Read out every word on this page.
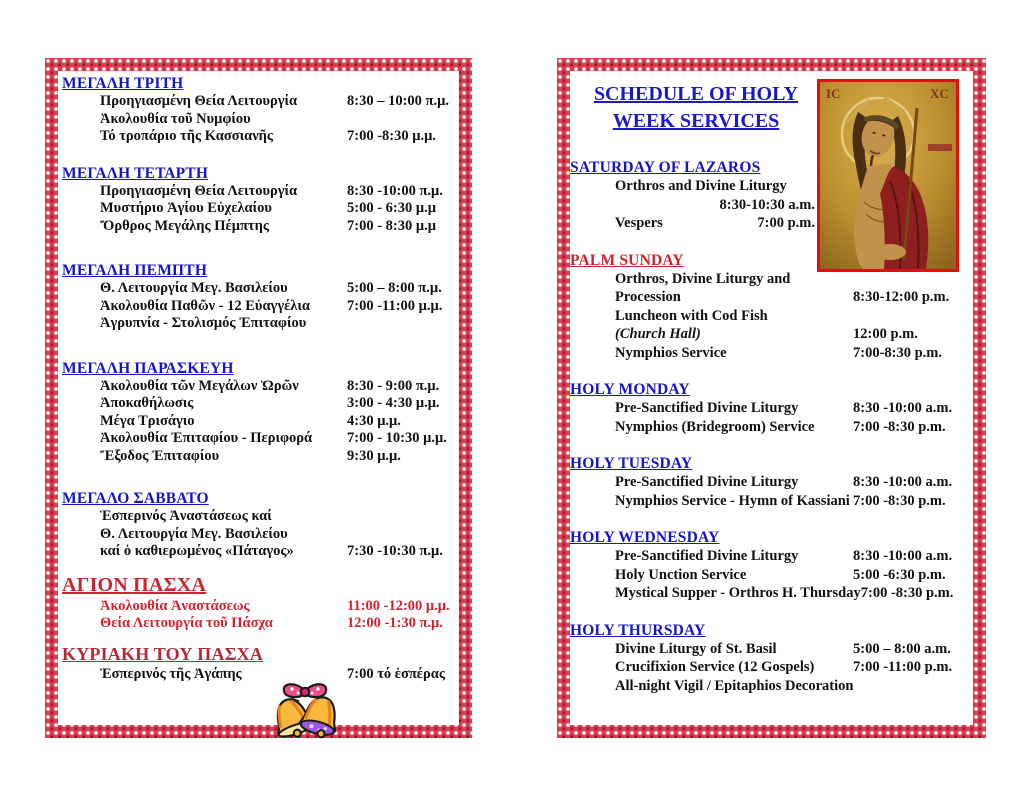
ΜΕΓΑΛΗ ΤΡΙΤΗ
Προηγιασμένη Θεία Λειτουργία	8:30 – 10:00 π.μ.
Ἀκολουθία τοῦ Νυμφίου
Τό τροπάριο τῆς Κασσιανῆς	7:00 -8:30 μ.μ.
ΜΕΓΑΛΗ ΤΕΤΑΡΤΗ
Προηγιασμένη Θεία Λειτουργία	8:30 -10:00 π.μ.
Μυστήριο Ἁγίου Εὐχελαίου	5:00 - 6:30 μ.μ
Ὄρθρος Μεγάλης Πέμπτης	7:00 - 8:30 μ.μ
ΜΕΓΑΛΗ ΠΕΜΠΤΗ
Θ. Λειτουργία Μεγ. Βασιλείου	5:00 – 8:00 π.μ.
Ἀκολουθία Παθῶν - 12 Εὐαγγέλια	7:00 -11:00 μ.μ.
Ἀγρυπνία - Στολισμός Ἐπιταφίου
ΜΕΓΑΛΗ ΠΑΡΑΣΚΕΥΗ
Ἀκολουθία τῶν Μεγάλων Ὡρῶν	8:30 - 9:00 π.μ.
Ἀποκαθήλωσις	3:00 - 4:30 μ.μ.
Μέγα Τρισάγιο	4:30 μ.μ.
Ἀκολουθία Ἐπιταφίου - Περιφορά	7:00 - 10:30 μ.μ.
Ἔξοδος Ἐπιταφίου	9:30 μ.μ.
ΜΕΓΑΛΟ ΣΑΒΒΑΤΟ
Ἑσπερινός Ἀναστάσεως καί
Θ. Λειτουργία Μεγ. Βασιλείου
καί ὁ καθιερωμένος «Πάταγος»	7:30 -10:30 π.μ.
ΑΓΙΟΝ ΠΑΣΧΑ
Ἀκολουθία Ἀναστάσεως	11:00 -12:00 μ.μ.
Θεία Λειτουργία τοῦ Πάσχα	12:00 -1:30 π.μ.
ΚΥΡΙΑΚΗ ΤΟΥ ΠΑΣΧΑ
Ἑσπερινός τῆς Ἀγάπης	7:00 τό ἑσπέρας
SCHEDULE OF HOLY
WEEK SERVICES
IC	XC
SATURDAY OF LAZAROS
Orthros and Divine Liturgy
8:30-10:30 a.m.
Vespers	7:00 p.m.
PALM SUNDAY
Orthros, Divine Liturgy and
Procession	8:30-12:00 p.m.
Luncheon with Cod Fish
(Church Hall)	12:00 p.m.
Nymphios Service	7:00-8:30 p.m.
HOLY MONDAY
Pre-Sanctified Divine Liturgy	8:30 -10:00 a.m.
Nymphios (Bridegroom) Service	7:00 -8:30 p.m.
HOLY TUESDAY
Pre-Sanctified Divine Liturgy	8:30 -10:00 a.m.
Nymphios Service - Hymn of Kassiani 7:00 -8:30 p.m.
HOLY WEDNESDAY
Pre-Sanctified Divine Liturgy	8:30 -10:00 a.m.
Holy Unction Service	5:00 -6:30 p.m.
Mystical Supper - Orthros H. Thursday 7:00 -8:30 p.m.
HOLY THURSDAY
Divine Liturgy of St. Basil	5:00 – 8:00 a.m.
Crucifixion Service (12 Gospels)	7:00 -11:00 p.m.
All-night Vigil / Epitaphios Decoration
